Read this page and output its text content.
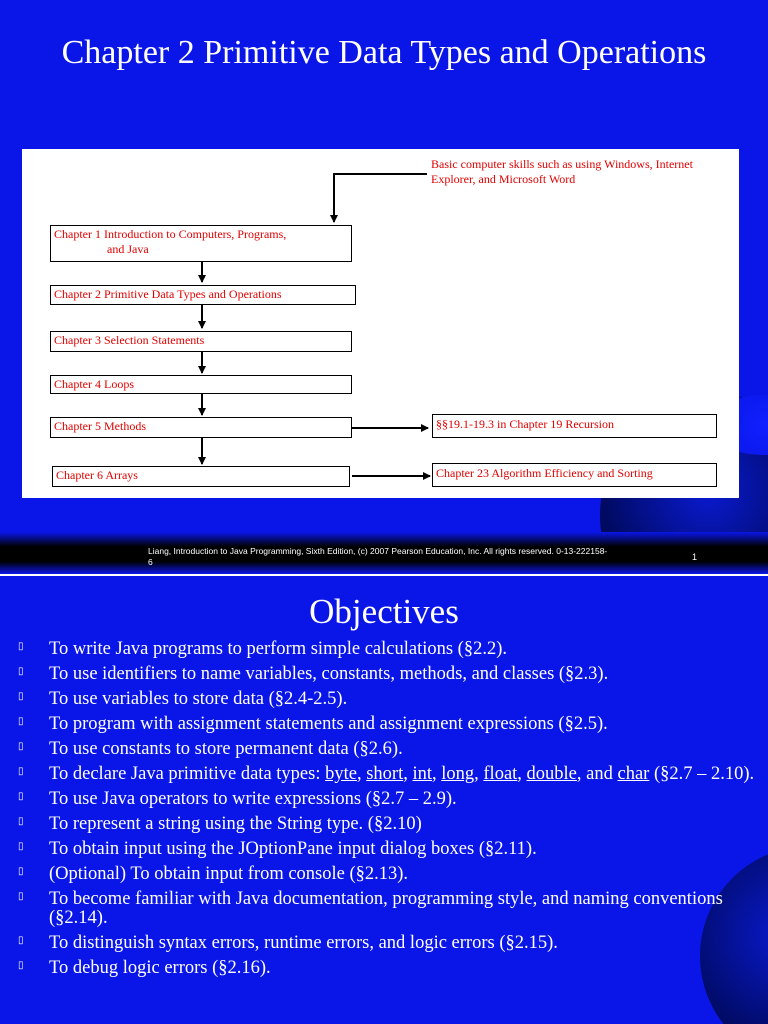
Chapter 2 Primitive Data Types and Operations
Basic computer skills such as using Windows, Internet Explorer, and Microsoft Word
Chapter 1 Introduction to Computers, Programs,
and Java
Chapter 2 Primitive Data Types and Operations
Chapter 3 Selection Statements
Chapter 4 Loops
Chapter 5 Methods
Chapter 6 Arrays
§§19.1-19.3 in Chapter 19 Recursion
Chapter 23 Algorithm Efficiency and Sorting
Liang, Introduction to Java Programming, Sixth Edition, (c) 2007 Pearson Education, Inc. All rights reserved. 0-13-222158-6	1
Objectives
▯ To write Java programs to perform simple calculations (§2.2).
▯ To use identifiers to name variables, constants, methods, and classes (§2.3).
▯ To use variables to store data (§2.4-2.5).
▯ To program with assignment statements and assignment expressions (§2.5).
▯ To use constants to store permanent data (§2.6).
▯ To declare Java primitive data types: byte, short, int, long, float, double, and char (§2.7 – 2.10).
▯ To use Java operators to write expressions (§2.7 – 2.9).
▯ To represent a string using the String type. (§2.10)
▯ To obtain input using the JOptionPane input dialog boxes (§2.11).
▯ (Optional) To obtain input from console (§2.13).
▯ To become familiar with Java documentation, programming style, and naming conventions (§2.14).
▯ To distinguish syntax errors, runtime errors, and logic errors (§2.15).
▯ To debug logic errors (§2.16).
